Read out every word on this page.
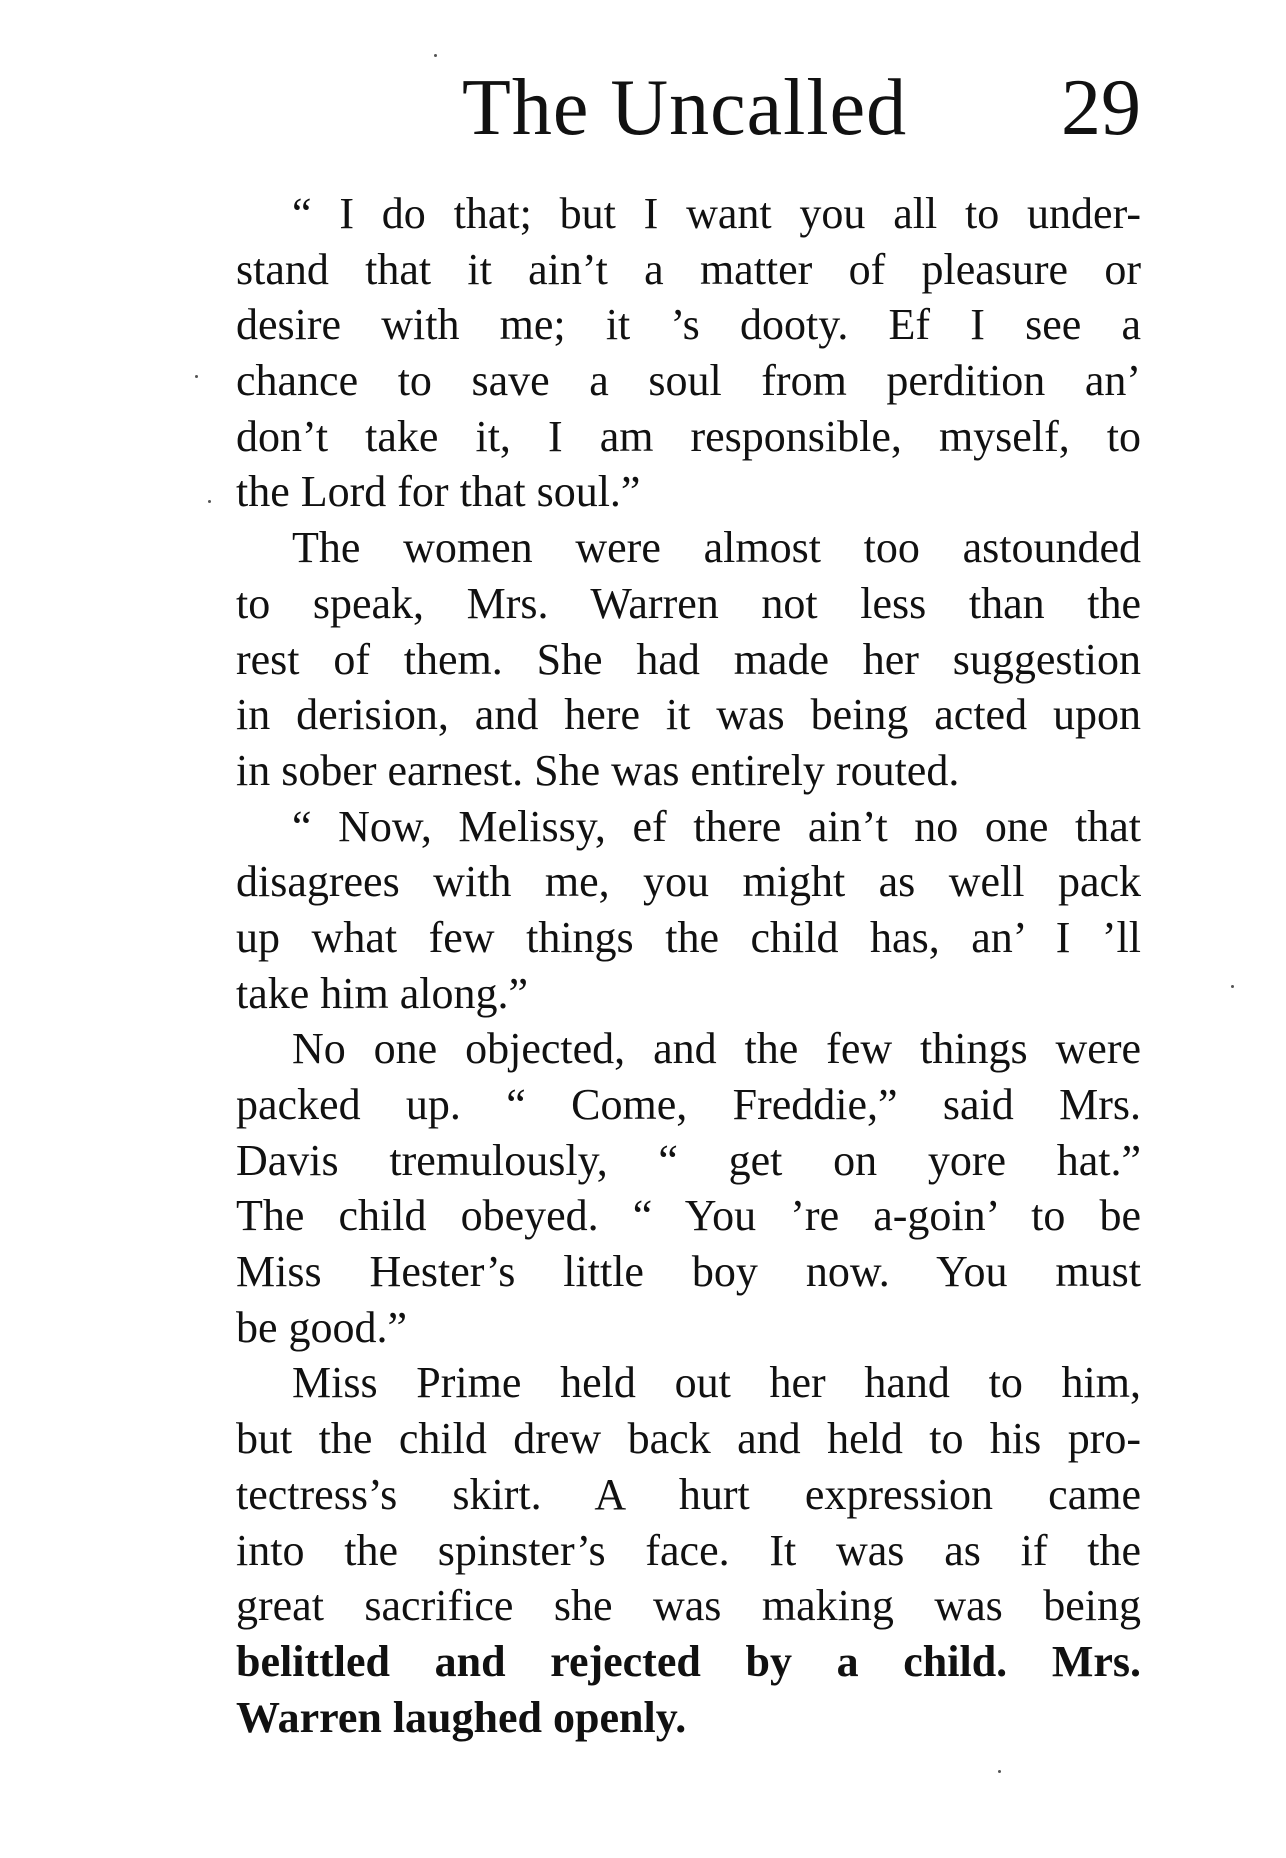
The Uncalled 29
“ I do that; but I want you all to under-
stand that it ain’t a matter of pleasure or
desire with me; it ’s dooty. Ef I see a
chance to save a soul from perdition an’
don’t take it, I am responsible, myself, to
the Lord for that soul.”
The women were almost too astounded
to speak, Mrs. Warren not less than the
rest of them. She had made her suggestion
in derision, and here it was being acted upon
in sober earnest. She was entirely routed.
“ Now, Melissy, ef there ain’t no one that
disagrees with me, you might as well pack
up what few things the child has, an’ I ’ll
take him along.”
No one objected, and the few things were
packed up. “ Come, Freddie,” said Mrs.
Davis tremulously, “ get on yore hat.”
The child obeyed. “ You ’re a-goin’ to be
Miss Hester’s little boy now. You must
be good.”
Miss Prime held out her hand to him,
but the child drew back and held to his pro-
tectress’s skirt. A hurt expression came
into the spinster’s face. It was as if the
great sacrifice she was making was being
belittled and rejected by a child. Mrs.
Warren laughed openly.
